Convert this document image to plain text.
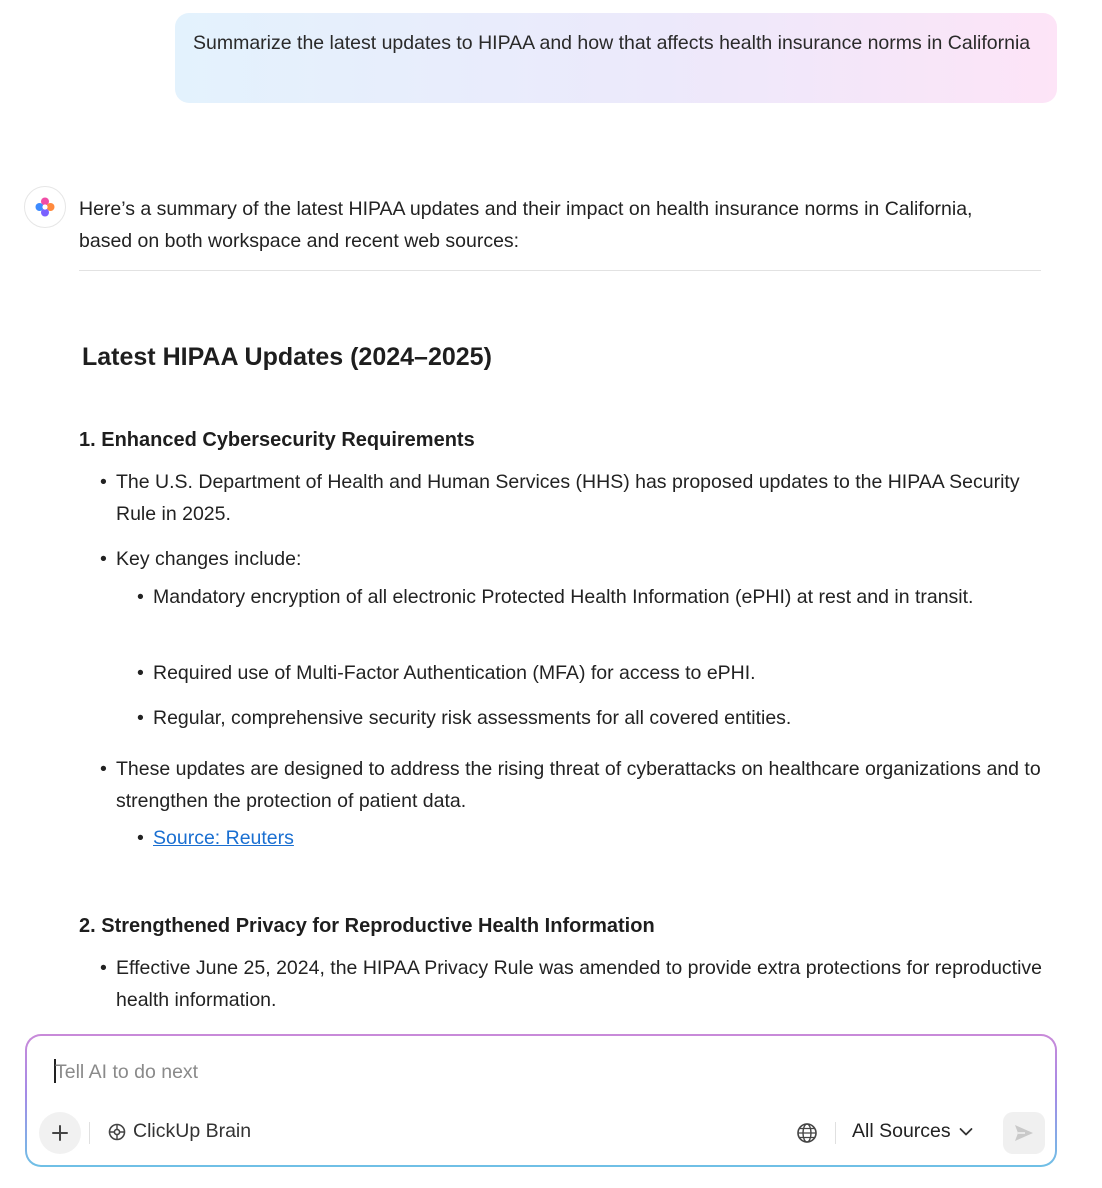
Summarize the latest updates to HIPAA and how that affects health insurance norms in California
Here’s a summary of the latest HIPAA updates and their impact on health insurance norms in California, based on both workspace and recent web sources:
Latest HIPAA Updates (2024–2025)
1. Enhanced Cybersecurity Requirements
• The U.S. Department of Health and Human Services (HHS) has proposed updates to the HIPAA Security Rule in 2025.
• Key changes include:
• Mandatory encryption of all electronic Protected Health Information (ePHI) at rest and in transit.
• Required use of Multi-Factor Authentication (MFA) for access to ePHI.
• Regular, comprehensive security risk assessments for all covered entities.
• These updates are designed to address the rising threat of cyberattacks on healthcare organizations and to strengthen the protection of patient data.
• Source: Reuters
2. Strengthened Privacy for Reproductive Health Information
• Effective June 25, 2024, the HIPAA Privacy Rule was amended to provide extra protections for reproductive health information.
Tell AI to do next
ClickUp Brain	All Sources
